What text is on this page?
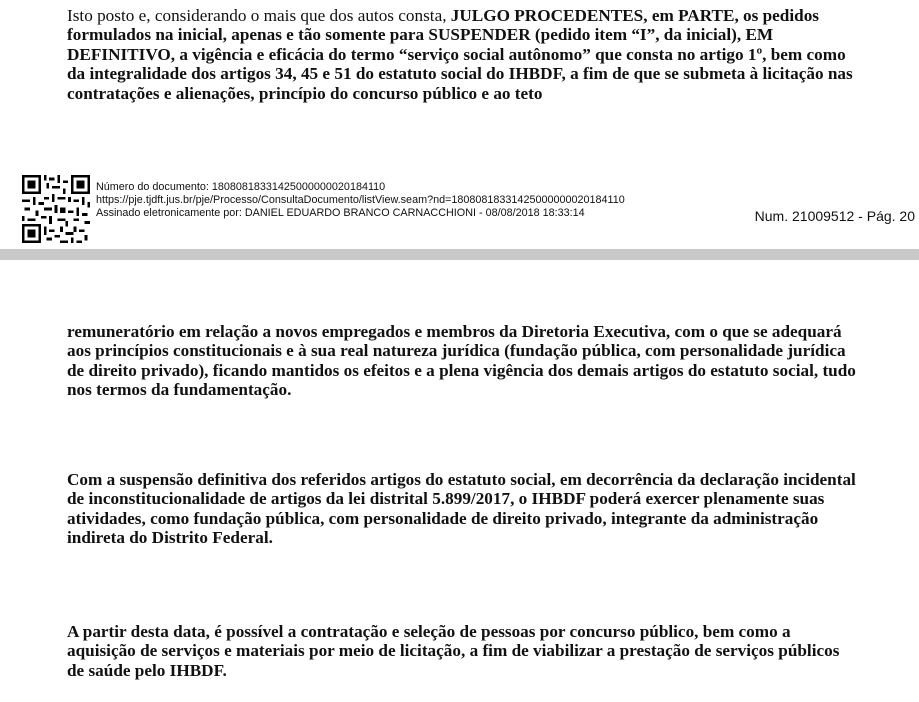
Isto posto e, considerando o mais que dos autos consta, JULGO PROCEDENTES, em PARTE, os pedidos formulados na inicial, apenas e tão somente para SUSPENDER (pedido item “I”, da inicial), EM DEFINITIVO, a vigência e eficácia do termo “serviço social autônomo” que consta no artigo 1º, bem como da integralidade dos artigos 34, 45 e 51 do estatuto social do IHBDF, a fim de que se submeta à licitação nas contratações e alienações, princípio do concurso público e ao teto

Número do documento: 18080818331425000000020184110
https://pje.tjdft.jus.br/pje/Processo/ConsultaDocumento/listView.seam?nd=18080818331425000000020184110
Assinado eletronicamente por: DANIEL EDUARDO BRANCO CARNACCHIONI - 08/08/2018 18:33:14	Num. 21009512 - Pág. 20

remuneratório em relação a novos empregados e membros da Diretoria Executiva, com o que se adequará aos princípios constitucionais e à sua real natureza jurídica (fundação pública, com personalidade jurídica de direito privado), ficando mantidos os efeitos e a plena vigência dos demais artigos do estatuto social, tudo nos termos da fundamentação.

Com a suspensão definitiva dos referidos artigos do estatuto social, em decorrência da declaração incidental de inconstitucionalidade de artigos da lei distrital 5.899/2017, o IHBDF poderá exercer plenamente suas atividades, como fundação pública, com personalidade de direito privado, integrante da administração indireta do Distrito Federal.

A partir desta data, é possível a contratação e seleção de pessoas por concurso público, bem como a aquisição de serviços e materiais por meio de licitação, a fim de viabilizar a prestação de serviços públicos de saúde pelo IHBDF.
